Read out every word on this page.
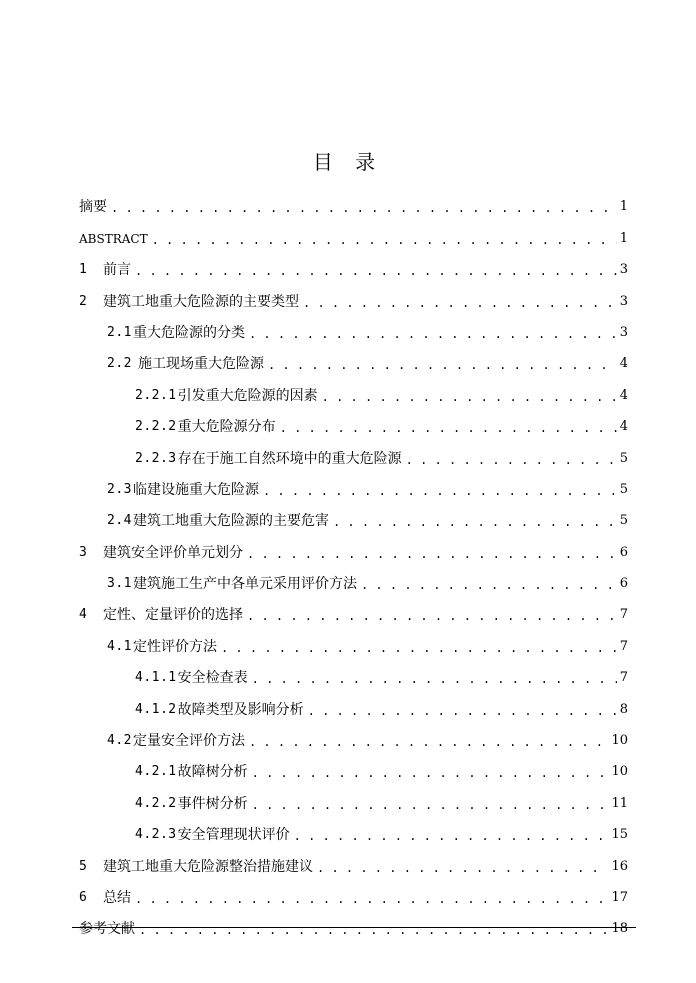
目 录
摘要 . . .	1
ABSTRACT . . .	1
1	前言 . . .	3
2	建筑工地重大危险源的主要类型 . . .	3
2.1 重大危险源的分类 . . .	3
2.2 施工现场重大危险源 . . .	4
2.2.1 引发重大危险源的因素 . . .	4
2.2.2 重大危险源分布 . . .	4
2.2.3 存在于施工自然环境中的重大危险源 . . .	5
2.3 临建设施重大危险源 . . .	5
2.4 建筑工地重大危险源的主要危害 . . .	5
3	建筑安全评价单元划分 . . .	6
3.1 建筑施工生产中各单元采用评价方法 . . .	6
4	定性、定量评价的选择 . . .	7
4.1 定性评价方法 . . .	7
4.1.1 安全检查表 . . .	7
4.1.2 故障类型及影响分析 . . .	8
4.2 定量安全评价方法 . . .	10
4.2.1 故障树分析 . . .	10
4.2.2 事件树分析 . . .	11
4.2.3 安全管理现状评价 . . .	15
5	建筑工地重大危险源整治措施建议 . . .	16
6	总结 . . .	17
参考文献 . . .	18
